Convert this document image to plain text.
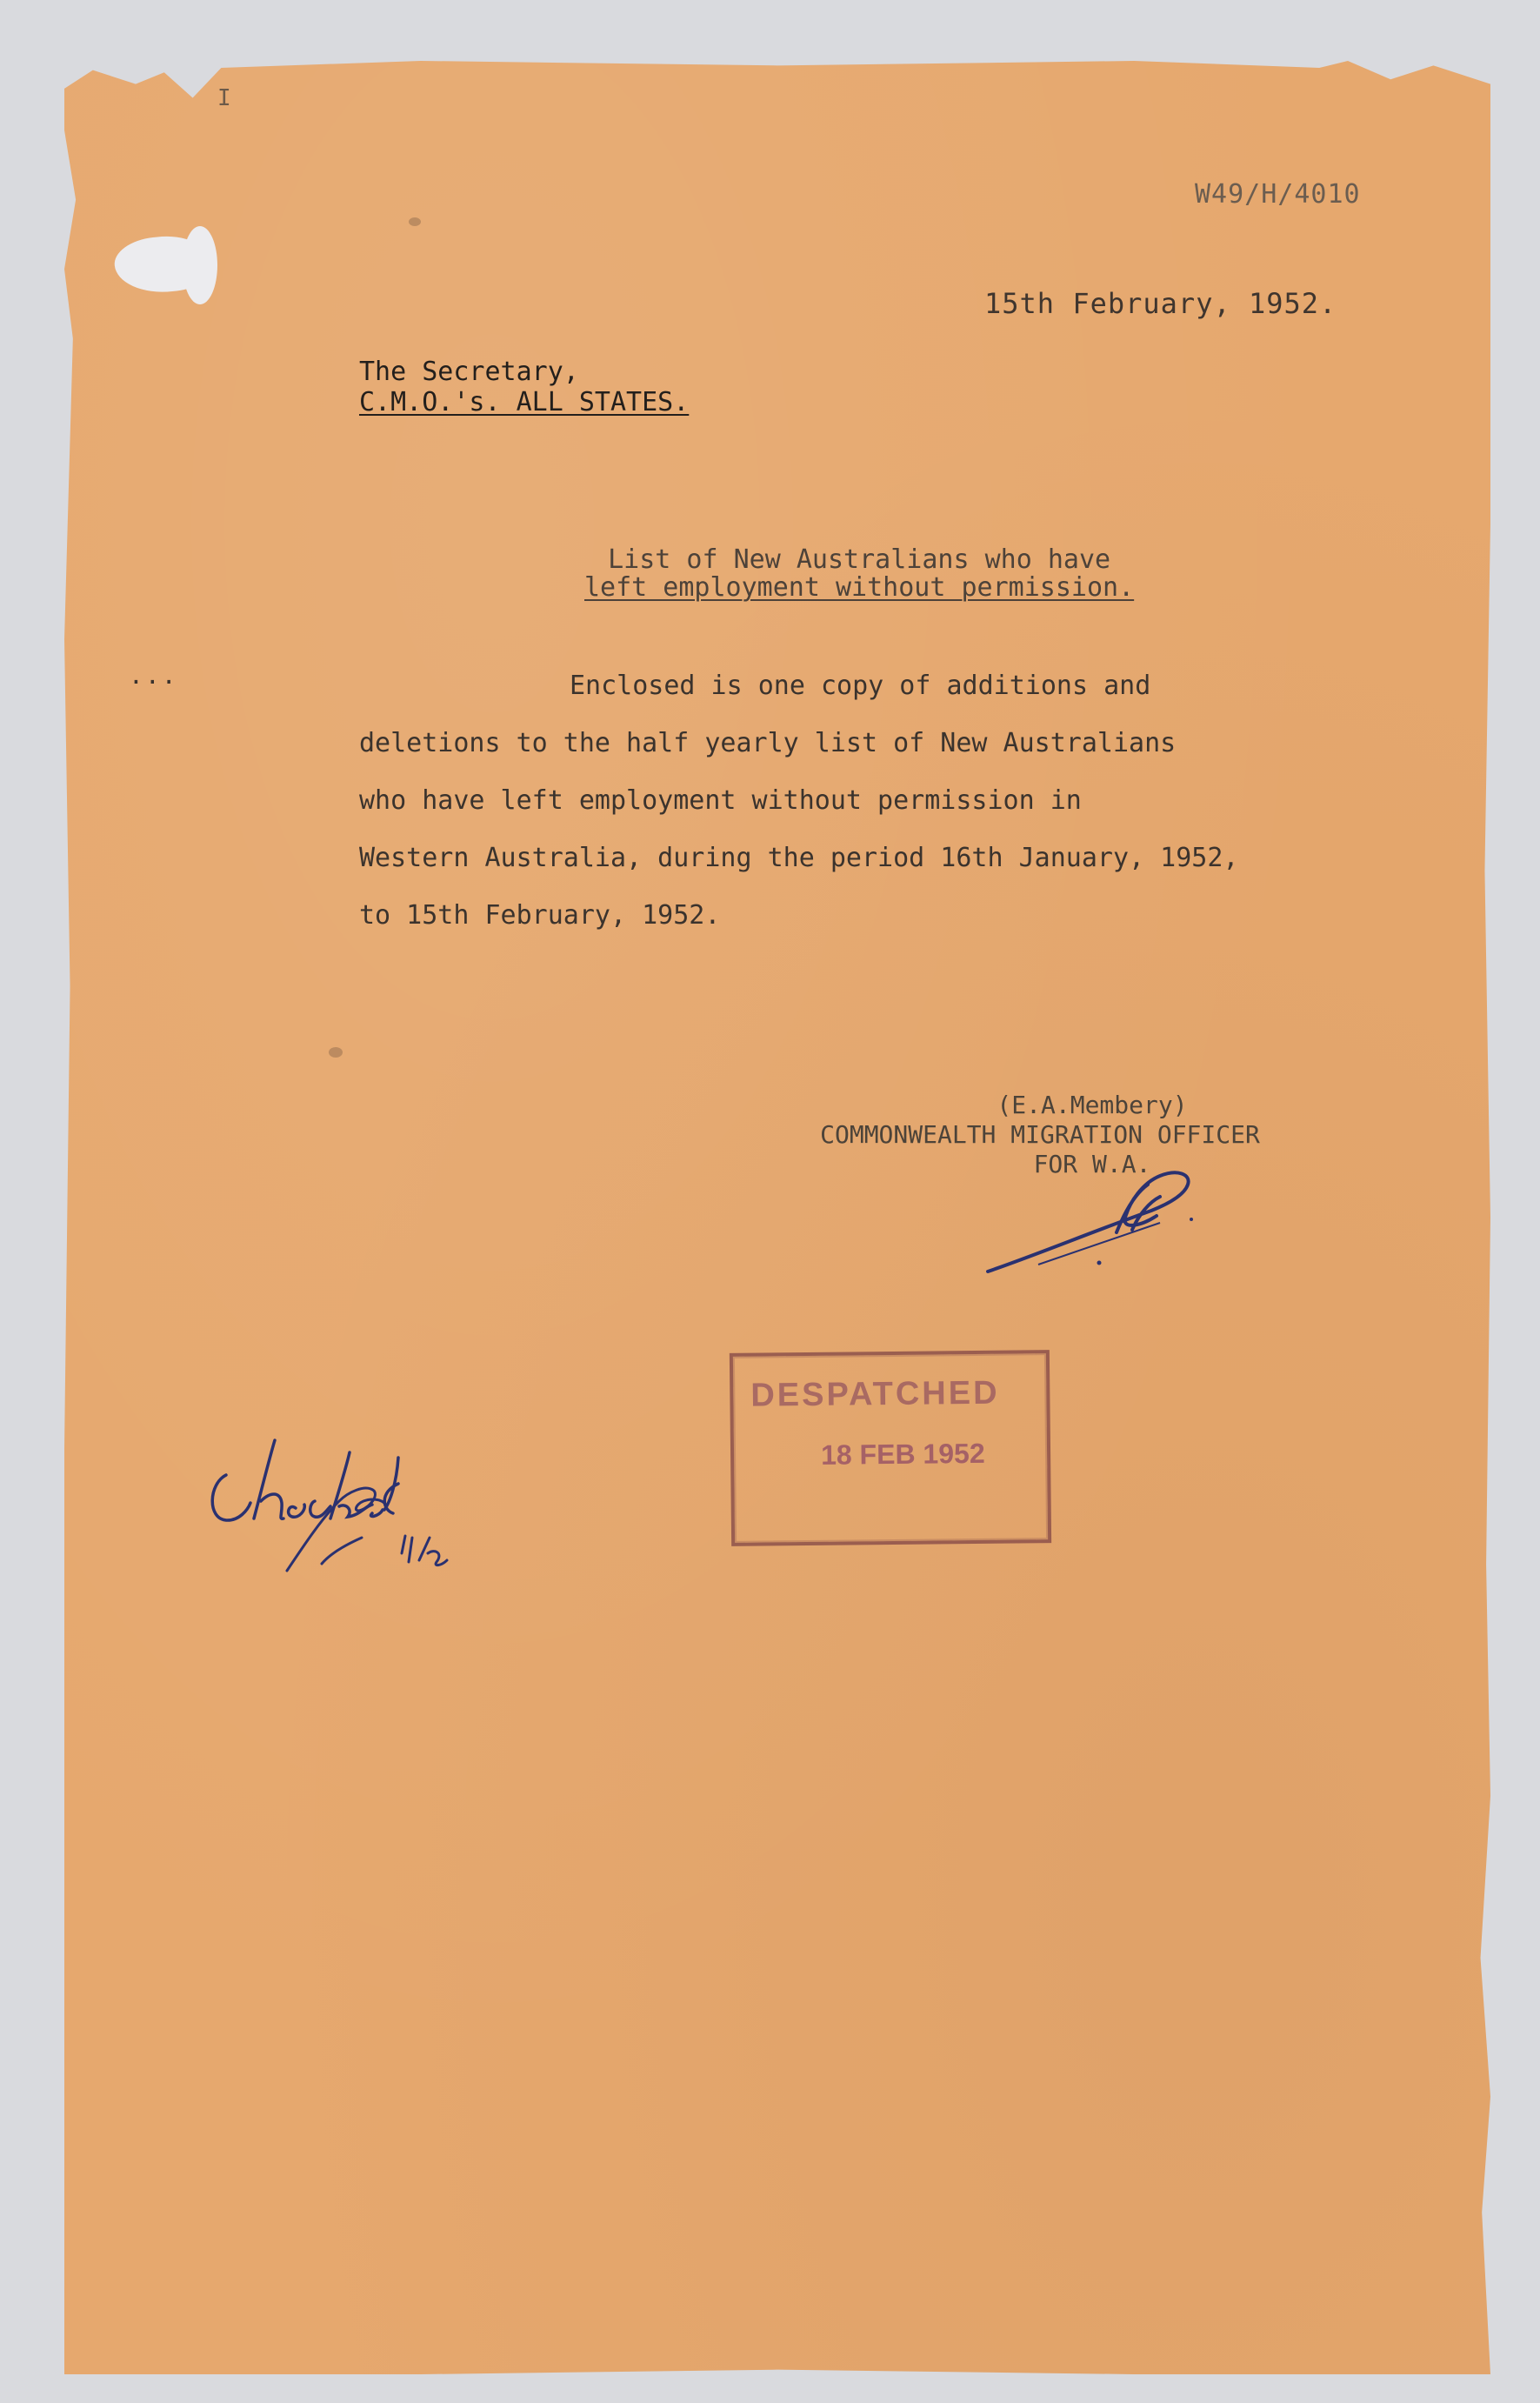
I
W49/H/4010
15th February, 1952.
The Secretary,
C.M.O.'s. ALL STATES.
List of New Australians who have
left employment without permission.
...	Enclosed is one copy of additions and
deletions to the half yearly list of New Australians
who have left employment without permission in
Western Australia, during the period 16th January, 1952,
to 15th February, 1952.
(E.A.Membery)
COMMONWEALTH MIGRATION OFFICER
FOR W.A.
DESPATCHED
18 FEB 1952
